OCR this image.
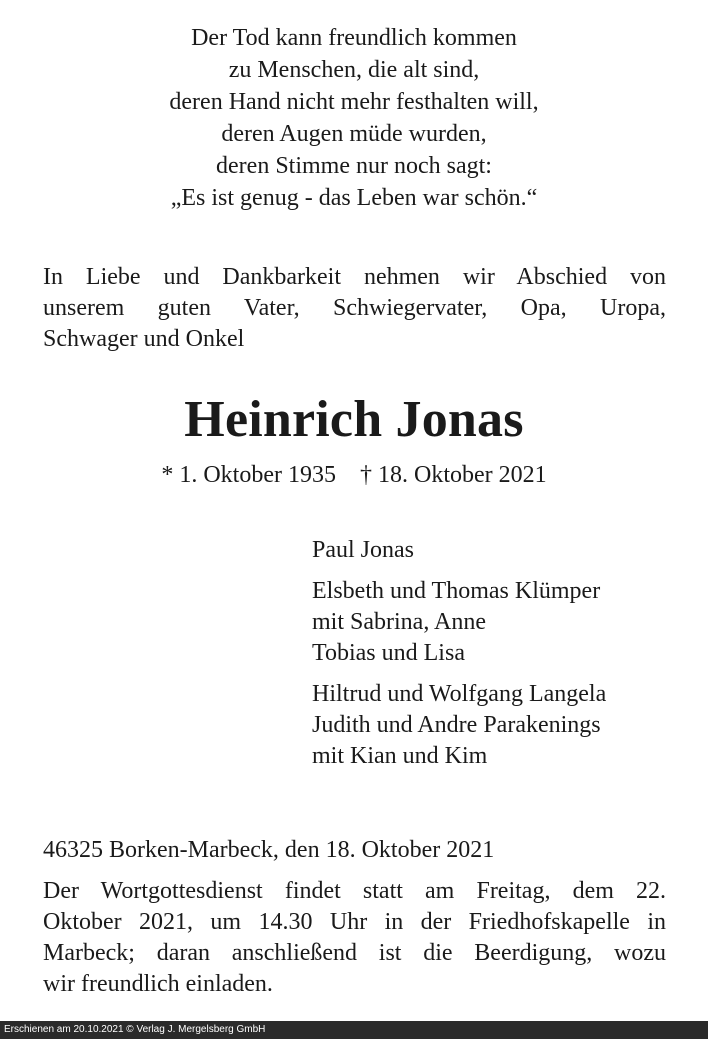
Der Tod kann freundlich kommen
zu Menschen, die alt sind,
deren Hand nicht mehr festhalten will,
deren Augen müde wurden,
deren Stimme nur noch sagt:
„Es ist genug - das Leben war schön.“
In Liebe und Dankbarkeit nehmen wir Abschied von
unserem guten Vater, Schwiegervater, Opa, Uropa,
Schwager und Onkel
Heinrich Jonas
* 1. Oktober 1935    † 18. Oktober 2021
Paul Jonas
Elsbeth und Thomas Klümper
mit Sabrina, Anne
Tobias und Lisa
Hiltrud und Wolfgang Langela
Judith und Andre Parakenings
mit Kian und Kim
46325 Borken-Marbeck, den 18. Oktober 2021
Der Wortgottesdienst findet statt am Freitag, dem 22.
Oktober 2021, um 14.30 Uhr in der Friedhofskapelle in
Marbeck; daran anschließend ist die Beerdigung, wozu
wir freundlich einladen.
Erschienen am 20.10.2021 © Verlag J. Mergelsberg GmbH
